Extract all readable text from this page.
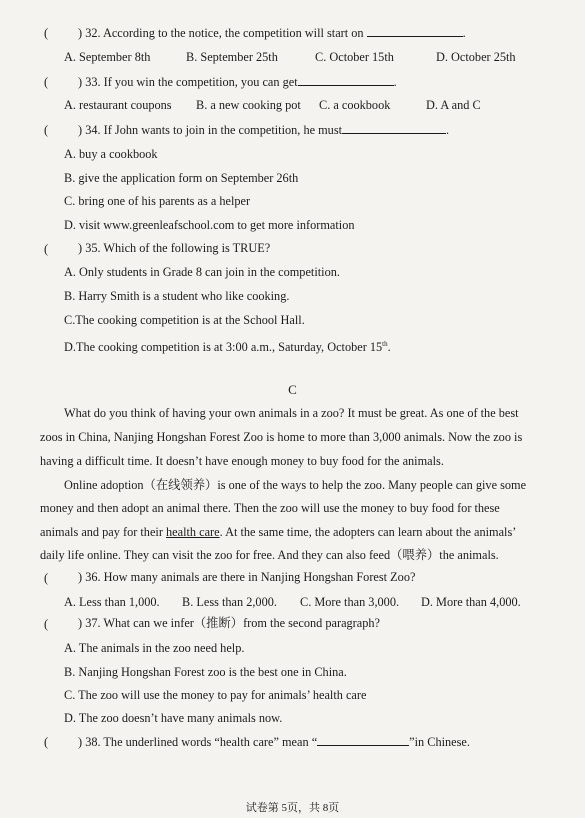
( ) 32. According to the notice, the competition will start on	.
A. September 8th	B. September 25th	C. October 15th	D. October 25th
( ) 33. If you win the competition, you can get	.
A. restaurant coupons B. a new cooking pot C. a cookbook	D. A and C
( ) 34. If John wants to join in the competition, he must	.
A. buy a cookbook
B. give the application form on September 26th
C. bring one of his parents as a helper
D. visit www.greenleafschool.com to get more information
( ) 35. Which of the following is TRUE?
A. Only students in Grade 8 can join in the competition.
B. Harry Smith is a student who like cooking.
C.The cooking competition is at the School Hall.
D.The cooking competition is at 3:00 a.m., Saturday, October 15th.
C
What do you think of having your own animals in a zoo? It must be great. As one of the best
zoos in China, Nanjing Hongshan Forest Zoo is home to more than 3,000 animals. Now the zoo is
having a difficult time. It doesn’t have enough money to buy food for the animals.
Online adoption（在线领养）is one of the ways to help the zoo. Many people can give some
money and then adopt an animal there. Then the zoo will use the money to buy food for these
animals and pay for their health care. At the same time, the adopters can learn about the animals’
daily life online. They can visit the zoo for free. And they can also feed（喂养）the animals.
( ) 36. How many animals are there in Nanjing Hongshan Forest Zoo?
A. Less than 1,000. B. Less than 2,000. C. More than 3,000. D. More than 4,000.
( ) 37. What can we infer（推断）from the second paragraph?
A. The animals in the zoo need help.
B. Nanjing Hongshan Forest zoo is the best one in China.
C. The zoo will use the money to pay for animals’ health care
D. The zoo doesn’t have many animals now.
( ) 38. The underlined words “health care” mean “	”in Chinese.
试卷第 5页，共 8页
